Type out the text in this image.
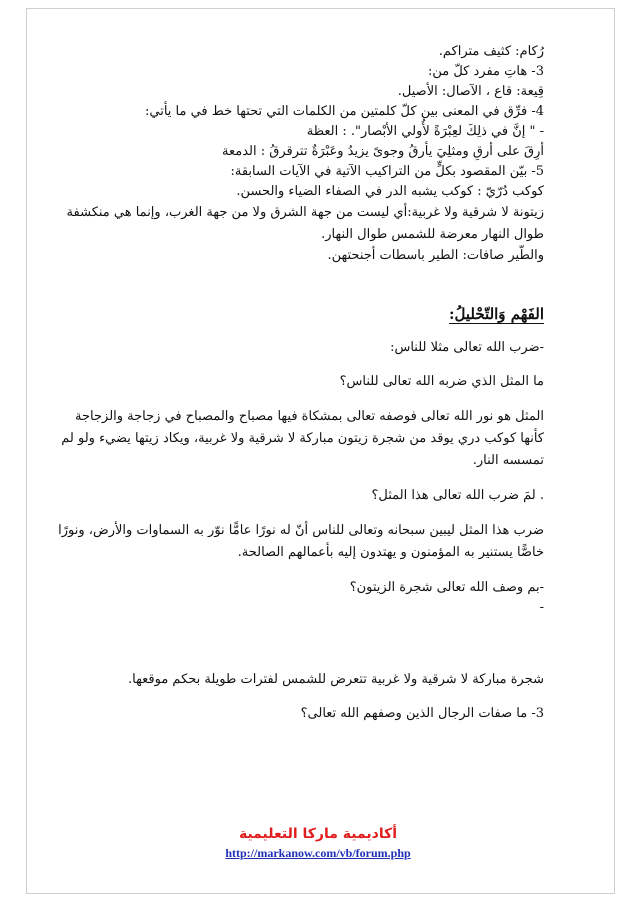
رُكام: كثيف متراكم.

3- هاتِ مفرد كلّ من:

قِيعة: قاع ، الآصال: الأصيل.

4- فرِّق في المعنى بين كلّ كلمتين من الكلمات التي تحتها خط في ما يأتي:

- " إنَّ في ذلِكَ لعِبْرَةً لأُولي الأبْصار". : العظة

أرِقَ على أرقِ ومثلِيَ يأرقُ وجوىً يزيدُ وعَبْرَةٌ تترقرقُ : الدمعة

5- بيّن المقصود بكلٍّ من التراكيب الآتية في الآيات السابقة:

كوكب دُرّيّ : كوكب يشبه الدر في الصفاء الضياء والحسن.

زيتونة لا شرقية ولا غربية:أي ليست من جهة الشرق ولا من جهة الغرب، وإنما هي منكشفة طوال النهار معرضة للشمس طوال النهار.

والطّير صافات: الطير باسطات أجنحتهن.

الفَهْم وَالتّحْليلُ:

-ضرب الله تعالى مثلا للناس:

ما المثل الذي ضربه الله تعالى للناس؟

المثل هو نور الله تعالى فوصفه تعالى بمشكاة فيها مصباح والمصباح في زجاجة والزجاجة كأنها كوكب دري يوقد من شجرة زيتون مباركة لا شرقية ولا غربية، ويكاد زيتها يضيء ولو لم تمسسه النار.

. لمَ ضرب الله تعالى هذا المثل؟

ضرب هذا المثل ليبين سبحانه وتعالى للناس أنّ له نورًا عامًّا نوّر به السماوات والأرض، ونورًا خاصًّا يستنير به المؤمنون و يهتدون إليه بأعمالهم الصالحة.

-بم وصف الله تعالى شجرة الزيتون؟

-

شجرة مباركة لا شرقية ولا غربية تتعرض للشمس لفترات طويلة بحكم موقعها.

3- ما صفات الرجال الذين وصفهم الله تعالى؟

أكاديمية ماركا التعليمية
http://markanow.com/vb/forum.php
